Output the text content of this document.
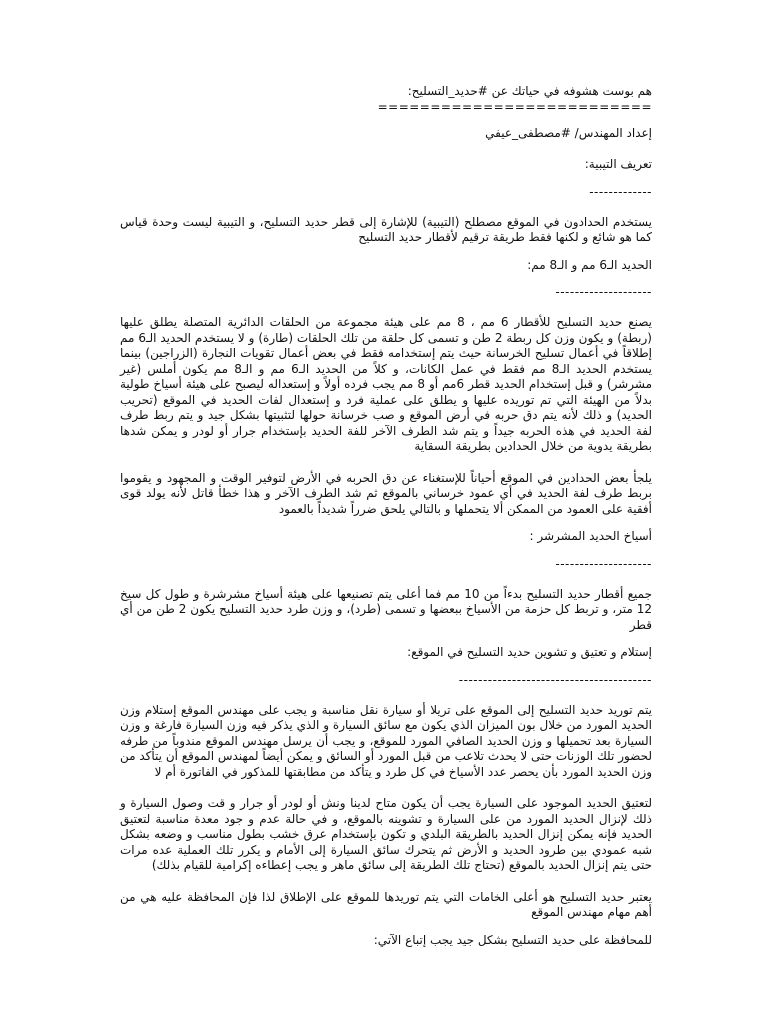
هم بوست هشوفه في حياتك عن #حديد_التسليح:

==========================

إعداد المهندس/ #مصطفى_عيفي

تعريف التيبية:

-------------

يستخدم الحدادون في الموقع مصطلح (التيبية) للإشارة إلى قطر حديد التسليح، و التيبية ليست وحدة قياس كما هو شائع و لكنها فقط طريقة ترقيم لأقطار حديد التسليح

الحديد الـ6 مم و الـ8 مم:

--------------------

يصنع حديد التسليح للأقطار 6 مم ، 8 مم على هيئة مجموعة من الحلقات الدائرية المتصلة يطلق عليها (ربطة) و يكون وزن كل ربطة 2 طن و تسمى كل حلقة من تلك الحلقات (طارة) و لا يستخدم الحديد الـ6 مم إطلاقاً في أعمال تسليح الخرسانة حيث يتم إستخدامه فقط في بعض أعمال تقويات النجارة (الزراجين) بينما يستخدم الحديد الـ8 مم فقط في عمل الكانات، و كلاً من الحديد الـ6 مم و الـ8 مم يكون أملس (غير مشرشر) و قبل إستخدام الحديد قطر 6مم أو 8 مم يجب فرده أولاً و إستعداله ليصبح على هيئة أسياخ طولية بدلاً من الهيئة التي تم توريده عليها و يطلق على عملية فرد و إستعدال لفات الحديد في الموقع (تحريب الحديد) و ذلك لأنه يتم دق حربه في أرض الموقع و صب خرسانة حولها لتثبيتها بشكل جيد و يتم ربط طرف لفة الحديد في هذه الحربه جيداً و يتم شد الطرف الآخر للفة الحديد بإستخدام جرار أو لودر و يمكن شدها بطريقة يدوية من خلال الحدادين بطريقة السقاية

يلجأ بعض الحدادين في الموقع أحياناً للإستغناء عن دق الحربه في الأرض لتوفير الوقت و المجهود و يقوموا بربط طرف لفة الحديد في أي عمود خرساني بالموقع ثم شد الطرف الآخر و هذا خطأ قاتل لأنه يولد قوى أفقية على العمود من الممكن ألا يتحملها و بالتالي يلحق ضرراً شديداً بالعمود

أسياخ الحديد المشرشر :

--------------------

جميع أقطار حديد التسليح بدءاً من 10 مم فما أعلى يتم تصنيعها على هيئة أسياخ مشرشرة و طول كل سيخ 12 متر، و تربط كل حزمة من الأسياخ ببعضها و تسمى (طرد)، و وزن طرد حديد التسليح يكون 2 طن من أي قطر

إستلام و تعتيق و تشوين حديد التسليح في الموقع:

----------------------------------------

يتم توريد حديد التسليح إلى الموقع على تريلا أو سيارة نقل مناسبة و يجب على مهندس الموقع إستلام وزن الحديد المورد من خلال بون الميزان الذي يكون مع سائق السيارة و الذي يذكر فيه وزن السيارة فارغة و وزن السيارة بعد تحميلها و وزن الحديد الصافي المورد للموقع، و يجب أن يرسل مهندس الموقع مندوباً من طرفه لحضور تلك الوزنات حتى لا يحدث تلاعب من قبل المورد أو السائق و يمكن أيضاً لمهندس الموقع أن يتأكد من وزن الحديد المورد بأن يحصر عدد الأسياخ في كل طرد و يتأكد من مطابقتها للمذكور في الفاتورة أم لا

لتعتيق الحديد الموجود على السيارة يجب أن يكون متاح لدينا ونش أو لودر أو جرار و قت وصول السيارة و ذلك لإنزال الحديد المورد من على السيارة و تشوينه بالموقع، و في حالة عدم و جود معدة مناسبة لتعتيق الحديد فإنه يمكن إنزال الحديد بالطريقة البلدي و تكون بإستخدام عرق خشب بطول مناسب و وضعه بشكل شبه عمودي بين طرود الحديد و الأرض ثم يتحرك سائق السيارة إلى الأمام و يكرر تلك العملية عده مرات حتى يتم إنزال الحديد بالموقع (تحتاج تلك الطريقة إلى سائق ماهر و يجب إعطاءه إكرامية للقيام بذلك)

يعتبر حديد التسليح هو أعلى الخامات التي يتم توريدها للموقع على الإطلاق لذا فإن المحافظة عليه هي من أهم مهام مهندس الموقع

للمحافظة على حديد التسليح بشكل جيد يجب إتباع الآتي:
